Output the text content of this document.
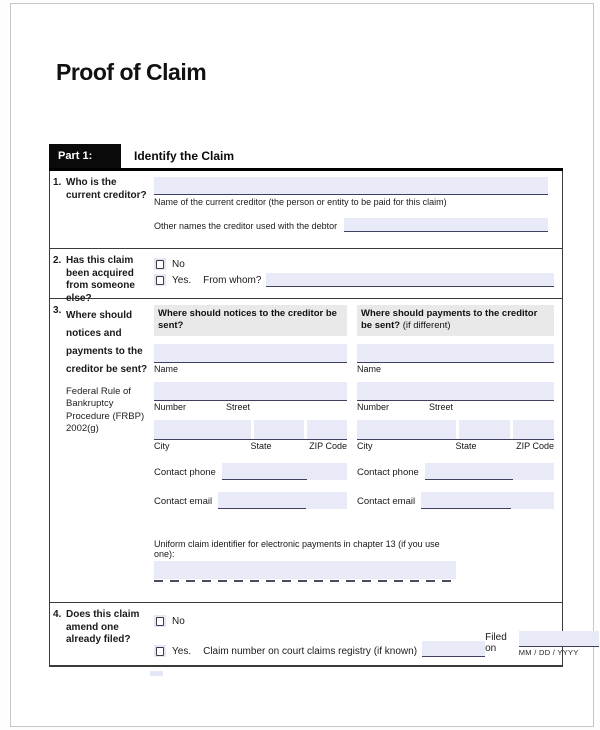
Proof of Claim
Part 1:	Identify the Claim
1. Who is the current creditor?
Name of the current creditor (the person or entity to be paid for this claim)
Other names the creditor used with the debtor
2. Has this claim been acquired from someone else?
No
Yes. From whom?
3. Where should notices and payments to the creditor be sent?
Federal Rule of Bankruptcy Procedure (FRBP) 2002(g)
Where should notices to the creditor be sent?
Name
Number	Street
City	State	ZIP Code
Contact phone
Contact email
Where should payments to the creditor be sent? (if different)
Name
Number	Street
City	State	ZIP Code
Contact phone
Contact email
Uniform claim identifier for electronic payments in chapter 13 (if you use one):
4. Does this claim amend one already filed?
No
Yes. Claim number on court claims registry (if known)
Filed on	MM / DD / YYYY
